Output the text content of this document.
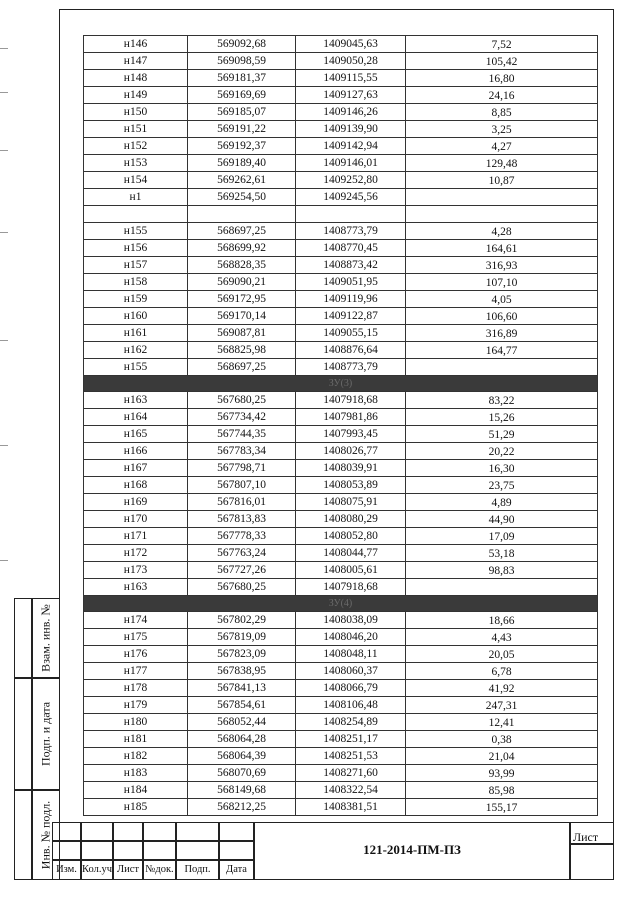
Взам. инв. №
Подп. и дата
Инв. № подл.
н146	569092,68	1409045,63	7,52
н147	569098,59	1409050,28	105,42
н148	569181,37	1409115,55	16,80
н149	569169,69	1409127,63	24,16
н150	569185,07	1409146,26	8,85
н151	569191,22	1409139,90	3,25
н152	569192,37	1409142,94	4,27
н153	569189,40	1409146,01	129,48
н154	569262,61	1409252,80	10,87
н1	569254,50	1409245,56	

н155	568697,25	1408773,79	4,28
н156	568699,92	1408770,45	164,61
н157	568828,35	1408873,42	316,93
н158	569090,21	1409051,95	107,10
н159	569172,95	1409119,96	4,05
н160	569170,14	1409122,87	106,60
н161	569087,81	1409055,15	316,89
н162	568825,98	1408876,64	164,77
н155	568697,25	1408773,79	
ЗУ(3)			
н163	567680,25	1407918,68	83,22
н164	567734,42	1407981,86	15,26
н165	567744,35	1407993,45	51,29
н166	567783,34	1408026,77	20,22
н167	567798,71	1408039,91	16,30
н168	567807,10	1408053,89	23,75
н169	567816,01	1408075,91	4,89
н170	567813,83	1408080,29	44,90
н171	567778,33	1408052,80	17,09
н172	567763,24	1408044,77	53,18
н173	567727,26	1408005,61	98,83
н163	567680,25	1407918,68	
ЗУ(4)			
н174	567802,29	1408038,09	18,66
н175	567819,09	1408046,20	4,43
н176	567823,09	1408048,11	20,05
н177	567838,95	1408060,37	6,78
н178	567841,13	1408066,79	41,92
н179	567854,61	1408106,48	247,31
н180	568052,44	1408254,89	12,41
н181	568064,28	1408251,17	0,38
н182	568064,39	1408251,53	21,04
н183	568070,69	1408271,60	93,99
н184	568149,68	1408322,54	85,98
н185	568212,25	1408381,51	155,17
Изм. Кол.уч Лист №док.	Подп.	Дата
121-2014-ПМ-ПЗ
Лист
